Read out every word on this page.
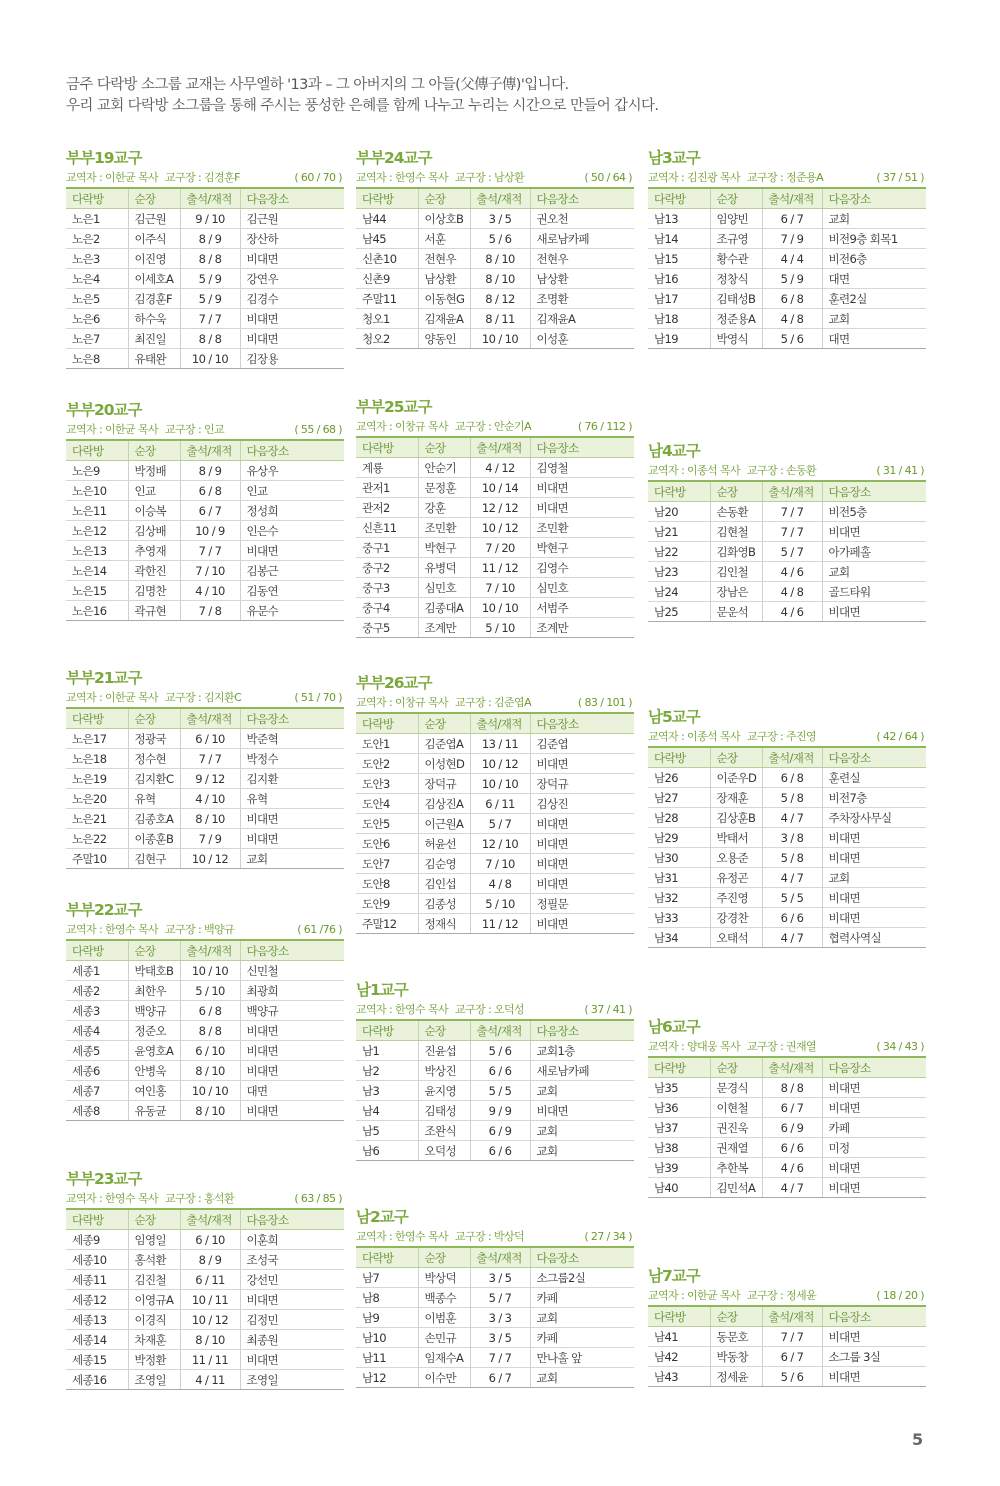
금주 다락방 소그룹 교재는 사무엘하 '13과 – 그 아버지의 그 아들(父傳子傳)'입니다.

우리 교회 다락방 소그룹을 통해 주시는 풍성한 은혜를 함께 나누고 누리는 시간으로 만들어 갑시다.

부부19교구
교역자 : 이한균 목사 교구장 : 김경훈F	( 60 / 70 )
다락방	순장	출석/재적	다음장소
노은1	김근원	9 / 10	김근원
노은2	이주식	8 / 9	장산하
노은3	이진영	8 / 8	비대면
노은4	이세호A	5 / 9	강연우
노은5	김경훈F	5 / 9	김경수
노은6	하수욱	7 / 7	비대면
노은7	최진일	8 / 8	비대면
노은8	유태완	10 / 10	김장용
부부20교구
교역자 : 이한균 목사 교구장 : 인교	( 55 / 68 )
다락방	순장	출석/재적	다음장소
노은9	박정배	8 / 9	유상우
노은10	인교	6 / 8	인교
노은11	이승복	6 / 7	정성희
노은12	김상배	10 / 9	인은수
노은13	추영재	7 / 7	비대면
노은14	곽한진	7 / 10	김봉근
노은15	김명찬	4 / 10	김동연
노은16	곽규현	7 / 8	유문수
부부21교구
교역자 : 이한균 목사 교구장 : 김지환C	( 51 / 70 )
다락방	순장	출석/재적	다음장소
노은17	정광국	6 / 10	박준혁
노은18	정수현	7 / 7	박정수
노은19	김지환C	9 / 12	김지환
노은20	유혁	4 / 10	유혁
노은21	김종호A	8 / 10	비대면
노은22	이종훈B	7 / 9	비대면
주말10	김현구	10 / 12	교회
부부22교구
교역자 : 한영수 목사 교구장 : 백양규	( 61 /76 )
다락방	순장	출석/재적	다음장소
세종1	박태호B	10 / 10	신민철
세종2	최한우	5 / 10	최광희
세종3	백양규	6 / 8	백양규
세종4	정준오	8 / 8	비대면
세종5	윤영호A	6 / 10	비대면
세종6	안병욱	8 / 10	비대면
세종7	여인홍	10 / 10	대면
세종8	유동균	8 / 10	비대면
부부23교구
교역자 : 한영수 목사 교구장 : 홍석환	( 63 / 85 )
다락방	순장	출석/재적	다음장소
세종9	임영일	6 / 10	이훈희
세종10	홍석환	8 / 9	조성국
세종11	김진철	6 / 11	강선민
세종12	이영규A	10 / 11	비대면
세종13	이경직	10 / 12	김정민
세종14	차재훈	8 / 10	최종원
세종15	박정환	11 / 11	비대면
세종16	조영일	4 / 11	조영일
부부24교구
교역자 : 한영수 목사 교구장 : 남상환	( 50 / 64 )
다락방	순장	출석/재적	다음장소
남44	이상호B	3 / 5	권오천
남45	서훈	5 / 6	새로남카페
신촌10	전현우	8 / 10	전현우
신촌9	남상환	8 / 10	남상환
주말11	이동현G	8 / 12	조명환
청오1	김재윤A	8 / 11	김재윤A
청오2	양동인	10 / 10	이성훈
부부25교구
교역자 : 이창규 목사 교구장 : 안순기A	( 76 / 112 )
다락방	순장	출석/재적	다음장소
계룡	안순기	4 / 12	김영철
관저1	문정훈	10 / 14	비대면
관저2	강훈	12 / 12	비대면
신흔11	조민환	10 / 12	조민환
중구1	박현구	7 / 20	박현구
중구2	유병덕	11 / 12	김영수
중구3	심민호	7 / 10	심민호
중구4	김종대A	10 / 10	서범주
중구5	조계만	5 / 10	조계만
부부26교구
교역자 : 이창규 목사 교구장 : 김준엽A	( 83 / 101 )
다락방	순장	출석/재적	다음장소
도안1	김준엽A	13 / 11	김준엽
도안2	이성현D	10 / 12	비대면
도안3	장덕규	10 / 10	장덕규
도안4	김상진A	6 / 11	김상진
도안5	이근원A	5 / 7	비대면
도안6	허윤선	12 / 10	비대면
도안7	김순영	7 / 10	비대면
도안8	김인섭	4 / 8	비대면
도안9	김종성	5 / 10	정필문
주말12	정재식	11 / 12	비대면
남1교구
교역자 : 한영수 목사 교구장 : 오덕성	( 37 / 41 )
다락방	순장	출석/재적	다음장소
남1	진윤섭	5 / 6	교회1층
남2	박상진	6 / 6	새로남카페
남3	윤지영	5 / 5	교회
남4	김태성	9 / 9	비대면
남5	조완식	6 / 9	교회
남6	오덕성	6 / 6	교회
남2교구
교역자 : 한영수 목사 교구장 : 박상덕	( 27 / 34 )
다락방	순장	출석/재적	다음장소
남7	박상덕	3 / 5	소그룹2실
남8	백종수	5 / 7	카페
남9	이범훈	3 / 3	교회
남10	손민규	3 / 5	카페
남11	임재수A	7 / 7	만나홀 앞
남12	이수만	6 / 7	교회
남3교구
교역자 : 김진광 목사 교구장 : 정준용A	( 37 / 51 )
다락방	순장	출석/재적	다음장소
남13	임양빈	6 / 7	교회
남14	조규영	7 / 9	비전9층 회목1
남15	황수관	4 / 4	비전6층
남16	정창식	5 / 9	대면
남17	김태성B	6 / 8	훈련2실
남18	정준용A	4 / 8	교회
남19	박영식	5 / 6	대면
남4교구
교역자 : 이종석 목사 교구장 : 손동환	( 31 / 41 )
다락방	순장	출석/재적	다음장소
남20	손동환	7 / 7	비전5층
남21	김현철	7 / 7	비대면
남22	김화영B	5 / 7	아가페홀
남23	김인철	4 / 6	교회
남24	장남은	4 / 8	골드타워
남25	문운석	4 / 6	비대면
남5교구
교역자 : 이종석 목사 교구장 : 주진영	( 42 / 64 )
다락방	순장	출석/재적	다음장소
남26	이준우D	6 / 8	훈련실
남27	장재훈	5 / 8	비전7층
남28	김상훈B	4 / 7	주차장사무실
남29	박태서	3 / 8	비대면
남30	오용준	5 / 8	비대면
남31	유정곤	4 / 7	교회
남32	주진영	5 / 5	비대면
남33	강경찬	6 / 6	비대면
남34	오태석	4 / 7	협력사역실
남6교구
교역자 : 양대웅 목사 교구장 : 권재열	( 34 / 43 )
다락방	순장	출석/재적	다음장소
남35	문경식	8 / 8	비대면
남36	이현철	6 / 7	비대면
남37	권진욱	6 / 9	카페
남38	권재열	6 / 6	미정
남39	추한복	4 / 6	비대면
남40	김민석A	4 / 7	비대면
남7교구
교역자 : 이한균 목사 교구장 : 정세윤	( 18 / 20 )
다락방	순장	출석/재적	다음장소
남41	동문호	7 / 7	비대면
남42	박동창	6 / 7	소그룹 3실
남43	정세윤	5 / 6	비대면
5
